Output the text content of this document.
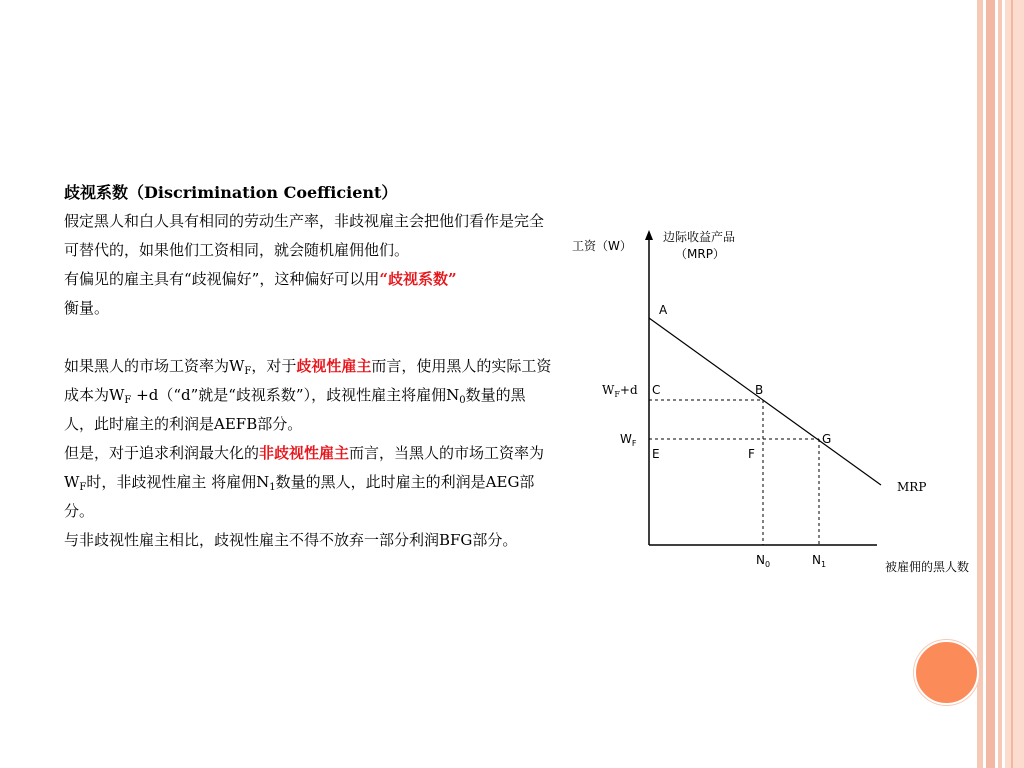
歧视系数（Discrimination Coefficient）

假定黑人和白人具有相同的劳动生产率，非歧视雇主会把他们看作是完全可替代的，如果他们工资相同，就会随机雇佣他们。

有偏见的雇主具有“歧视偏好”，这种偏好可以用“歧视系数”
衡量。

如果黑人的市场工资率为$W_F$，对于歧视性雇主而言，使用黑人的实际工资成本为$W_F$ +d（“d”就是“歧视系数”），歧视性雇主将雇佣$N_0$数量的黑人，此时雇主的利润是AEFB部分。

但是，对于追求利润最大化的非歧视性雇主而言，当黑人的市场工资率为$W_F$时，非歧视性雇主 将雇佣$N_1$数量的黑人，此时雇主的利润是AEG部分。

与非歧视性雇主相比，歧视性雇主不得不放弃一部分利润BFG部分。

工资（W）
边际收益产品
（MRP）
A
C	B
G
E	F
$W_F+d$
$W_F$
MRP
$N_0$	$N_1$	被雇佣的黑人数
